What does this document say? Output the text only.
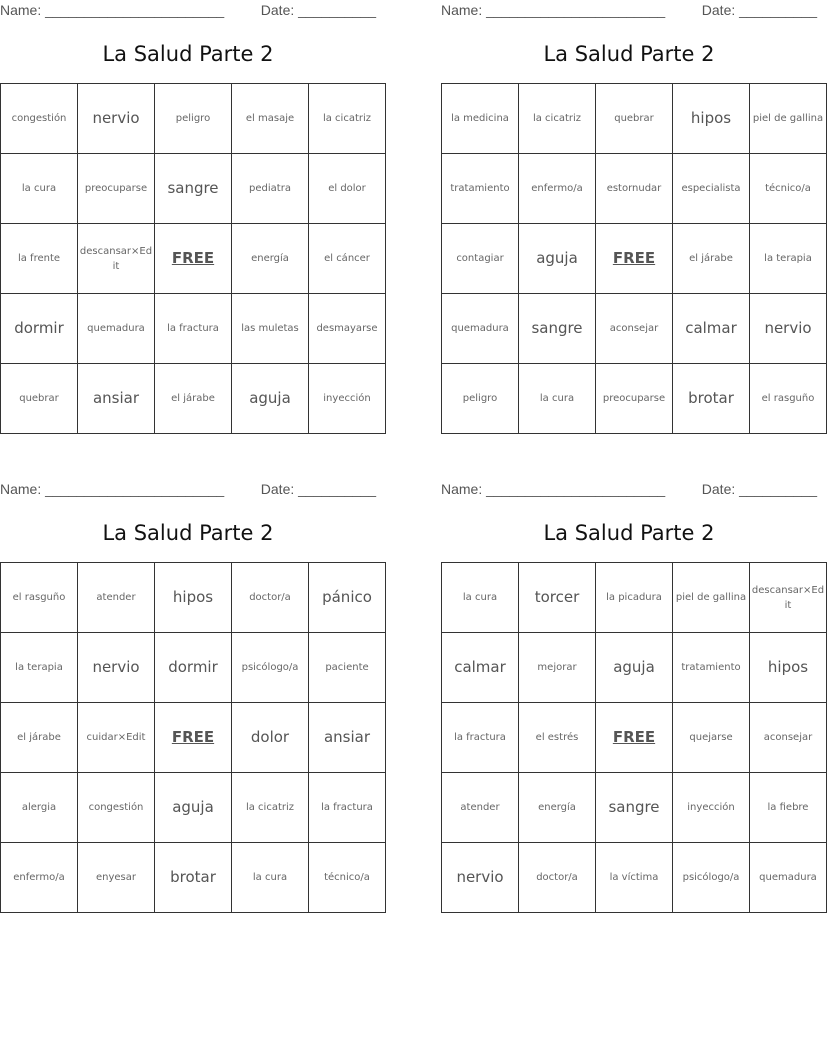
Name: _______________________	Date: __________
La Salud Parte 2
congestión	nervio	peligro	el masaje	la cicatriz
la cura	preocuparse	sangre	pediatra	el dolor
la frente	descansar×Edit	FREE	energía	el cáncer
dormir	quemadura	la fractura	las muletas	desmayarse
quebrar	ansiar	el járabe	aguja	inyección
Name: _______________________	Date: __________
La Salud Parte 2
la medicina	la cicatriz	quebrar	hipos	piel de gallina
tratamiento	enfermo/a	estornudar	especialista	técnico/a
contagiar	aguja	FREE	el járabe	la terapia
quemadura	sangre	aconsejar	calmar	nervio
peligro	la cura	preocuparse	brotar	el rasguño
Name: _______________________	Date: __________
La Salud Parte 2
el rasguño	atender	hipos	doctor/a	pánico
la terapia	nervio	dormir	psicólogo/a	paciente
el járabe	cuidar×Edit	FREE	dolor	ansiar
alergia	congestión	aguja	la cicatriz	la fractura
enfermo/a	enyesar	brotar	la cura	técnico/a
Name: _______________________	Date: __________
La Salud Parte 2
la cura	torcer	la picadura	piel de gallina	descansar×Edit
calmar	mejorar	aguja	tratamiento	hipos
la fractura	el estrés	FREE	quejarse	aconsejar
atender	energía	sangre	inyección	la fiebre
nervio	doctor/a	la víctima	psicólogo/a	quemadura
